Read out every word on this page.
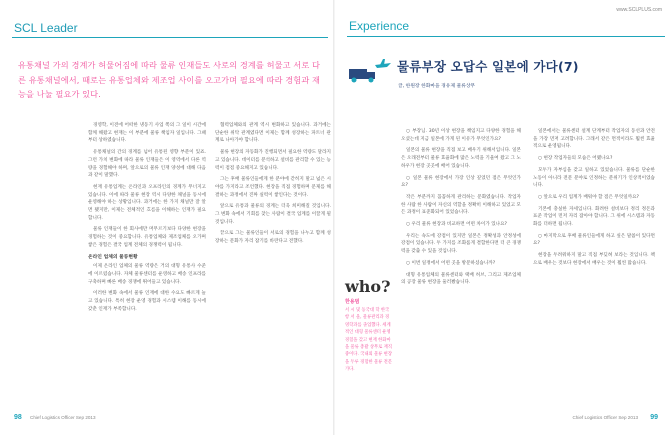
SCL Leader
유통채널 가의 경계가 허물어짐에 따라 물류 인재들도 사로의 경계를 허물고 서로 다른 유통채널에서, 때로는 유통업체와 제조업 사이를 오고가며 필요에 따라 경험과 재능을 나눌 필요가 있다.

경영학, 이전에 어떠한 냉동기 사업 쪽의 그 일이 시간에 함께 해왔고 현재는 이 부분에 물류 책임자 일입니다. 그때부터 상하였습니다.

유통채널의 간의 경계를 넘어 유통된 영향 부분이 있죠. 그런 가치 변화에 따라 물류 인재들은 이 영역에서 다른 역량을 경험해야 하며, 앞으로의 물류 인재 양성에 대해 다음과 같이 말했다.

현재 유통업계는 온라인과 오프라인의 경계가 무너지고 있습니다. 이에 따라 물류 현장 역시 다양한 채널을 동시에 운영해야 하는 상황입니다. 과거에는 한 가지 채널만 잘 알면 됐지만, 이제는 전체적인 흐름을 이해하는 인재가 필요합니다.

물류 인재들이 한 회사에만 머무르기보다 다양한 현장을 경험하는 것이 중요합니다. 유통업체와 제조업체를 오가며 쌓은 경험은 결국 업계 전체의 경쟁력이 됩니다.

온라인 업체의 물류현황

이제 온라인 업체의 물류 역량은 거의 대형 유통사 수준에 이르렀습니다. 자체 물류센터를 운영하고 배송 인프라를 구축하며 빠른 배송 경쟁에 뛰어들고 있습니다.

이러한 변화 속에서 물류 인재에 대한 수요도 빠르게 늘고 있습니다. 특히 현장 운영 경험과 시스템 이해를 동시에 갖춘 인재가 부족합니다.

협력업체와의 관계 역시 변화하고 있습니다. 과거에는 단순한 위탁 관계였다면 이제는 함께 성장하는 파트너 관계로 나아가야 합니다.

물류 현장의 자동화가 진행되면서 필요한 역량도 달라지고 있습니다. 데이터를 분석하고 설비를 관리할 수 있는 능력이 점점 중요해지고 있습니다.

그는 후배 물류인들에게 한 분야에 갇히지 말고 넓은 시야를 가지라고 조언했다. 현장을 직접 경험하며 문제를 해결하는 과정에서 진짜 실력이 쌓인다는 것이다.

앞으로 유통과 물류의 경계는 더욱 희미해질 것입니다. 그 변화 속에서 기회를 찾는 사람이 결국 업계를 이끌게 될 것입니다.

끝으로 그는 물류인들이 서로의 경험을 나누고 함께 성장하는 문화가 자리 잡기를 바란다고 전했다.

98 Chief Logistics Officer Sep 2013
www.SCLPLUS.com
Experience
물류부장 오답수 일본에 가다(7)
글, 한원장 한화마을 경유제 물류상무
who?
한용범
서 시 및 동국대 학 한국항 서 울, 물류관리과 경영학과를 졸업했다. 세계적인 대형 물류센터 운영 경험을 갖고 현재 한화마을 물류 총괄 상무로 재직 중이다. 국내외 물류 현장을 두루 경험한 물류 전문가다.

○ 부장님. 30년 이상 현장을 책임지고 다양한 경험을 해오셨는데 지금 일본에 가게 된 이유가 무엇인가요?

일본의 물류 현장을 직접 보고 배우기 위해서입니다. 일본은 오래전부터 물류 효율화에 많은 노력을 기울여 왔고 그 노하우가 현장 곳곳에 배어 있습니다.

○ 일본 물류 현장에서 가장 인상 깊었던 점은 무엇인가요?

작은 부분까지 꼼꼼하게 관리하는 문화였습니다. 작업자 한 사람 한 사람이 자신의 역할을 정확히 이해하고 있었고 모든 과정이 표준화되어 있었습니다.

○ 우리 물류 현장과 비교하면 어떤 차이가 있나요?

우리는 속도에 강점이 있지만 일본은 정확성과 안정성에 강점이 있습니다. 두 가지를 조화롭게 결합한다면 더 큰 경쟁력을 갖출 수 있을 것입니다.

○ 이번 일정에서 어떤 곳을 방문하셨습니까?

대형 유통업체의 물류센터와 택배 허브, 그리고 제조업체의 공장 물류 현장을 둘러봤습니다.

일본에서는 물류센터 설계 단계부터 작업자의 동선과 안전을 가장 먼저 고려합니다. 그래서 같은 면적이라도 훨씬 효율적으로 운영됩니다.

○ 현장 작업자들의 모습은 어땠나요?

모두가 자부심을 갖고 일하고 있었습니다. 물류를 단순한 노동이 아니라 전문 분야로 인정하는 분위기가 인상적이었습니다.

○ 앞으로 우리 업계가 배워야 할 점은 무엇일까요?

기본에 충실한 자세입니다. 화려한 설비보다 정리 정돈과 표준 작업이 먼저 자리 잡아야 합니다. 그 위에 시스템과 자동화를 더하면 됩니다.

○ 마지막으로 후배 물류인들에게 하고 싶은 말씀이 있다면요?

현장을 두려워하지 말고 직접 부딪혀 보라는 것입니다. 책으로 배우는 것보다 현장에서 배우는 것이 훨씬 많습니다.

Chief Logistics Officer Sep 2013 99
